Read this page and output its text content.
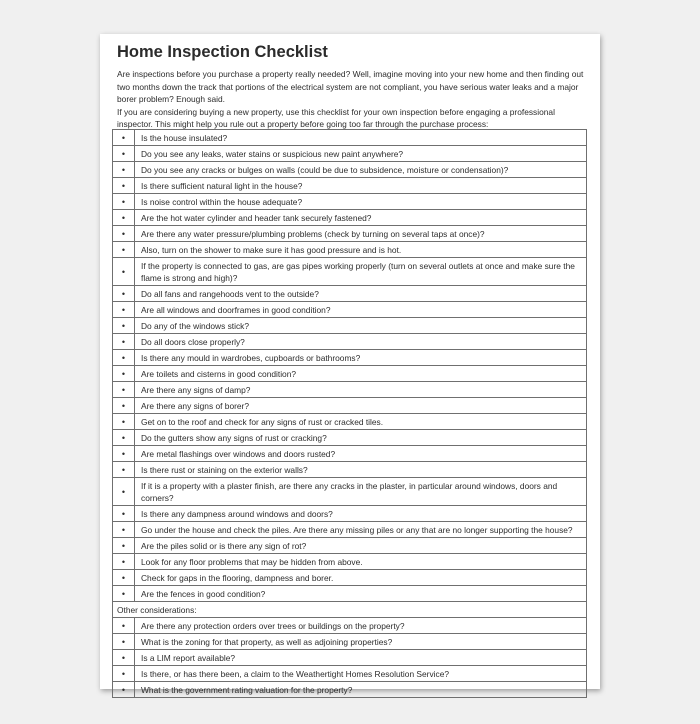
Home Inspection Checklist

Are inspections before you purchase a property really needed? Well, imagine moving into your new home and then finding out two months down the track that portions of the electrical system are not compliant, you have serious water leaks and a major borer problem? Enough said.

If you are considering buying a new property, use this checklist for your own inspection before engaging a professional inspector. This might help you rule out a property before going too far through the purchase process:

•	Is the house insulated?
•	Do you see any leaks, water stains or suspicious new paint anywhere?
•	Do you see any cracks or bulges on walls (could be due to subsidence, moisture or condensation)?
•	Is there sufficient natural light in the house?
•	Is noise control within the house adequate?
•	Are the hot water cylinder and header tank securely fastened?
•	Are there any water pressure/plumbing problems (check by turning on several taps at once)?
•	Also, turn on the shower to make sure it has good pressure and is hot.
•	If the property is connected to gas, are gas pipes working properly (turn on several outlets at once and make sure the flame is strong and high)?
•	Do all fans and rangehoods vent to the outside?
•	Are all windows and doorframes in good condition?
•	Do any of the windows stick?
•	Do all doors close properly?
•	Is there any mould in wardrobes, cupboards or bathrooms?
•	Are toilets and cisterns in good condition?
•	Are there any signs of damp?
•	Are there any signs of borer?
•	Get on to the roof and check for any signs of rust or cracked tiles.
•	Do the gutters show any signs of rust or cracking?
•	Are metal flashings over windows and doors rusted?
•	Is there rust or staining on the exterior walls?
•	If it is a property with a plaster finish, are there any cracks in the plaster, in particular around windows, doors and corners?
•	Is there any dampness around windows and doors?
•	Go under the house and check the piles. Are there any missing piles or any that are no longer supporting the house?
•	Are the piles solid or is there any sign of rot?
•	Look for any floor problems that may be hidden from above.
•	Check for gaps in the flooring, dampness and borer.
•	Are the fences in good condition?
Other considerations:	
•	Are there any protection orders over trees or buildings on the property?
•	What is the zoning for that property, as well as adjoining properties?
•	Is a LIM report available?
•	Is there, or has there been, a claim to the Weathertight Homes Resolution Service?
•	What is the government rating valuation for the property?
